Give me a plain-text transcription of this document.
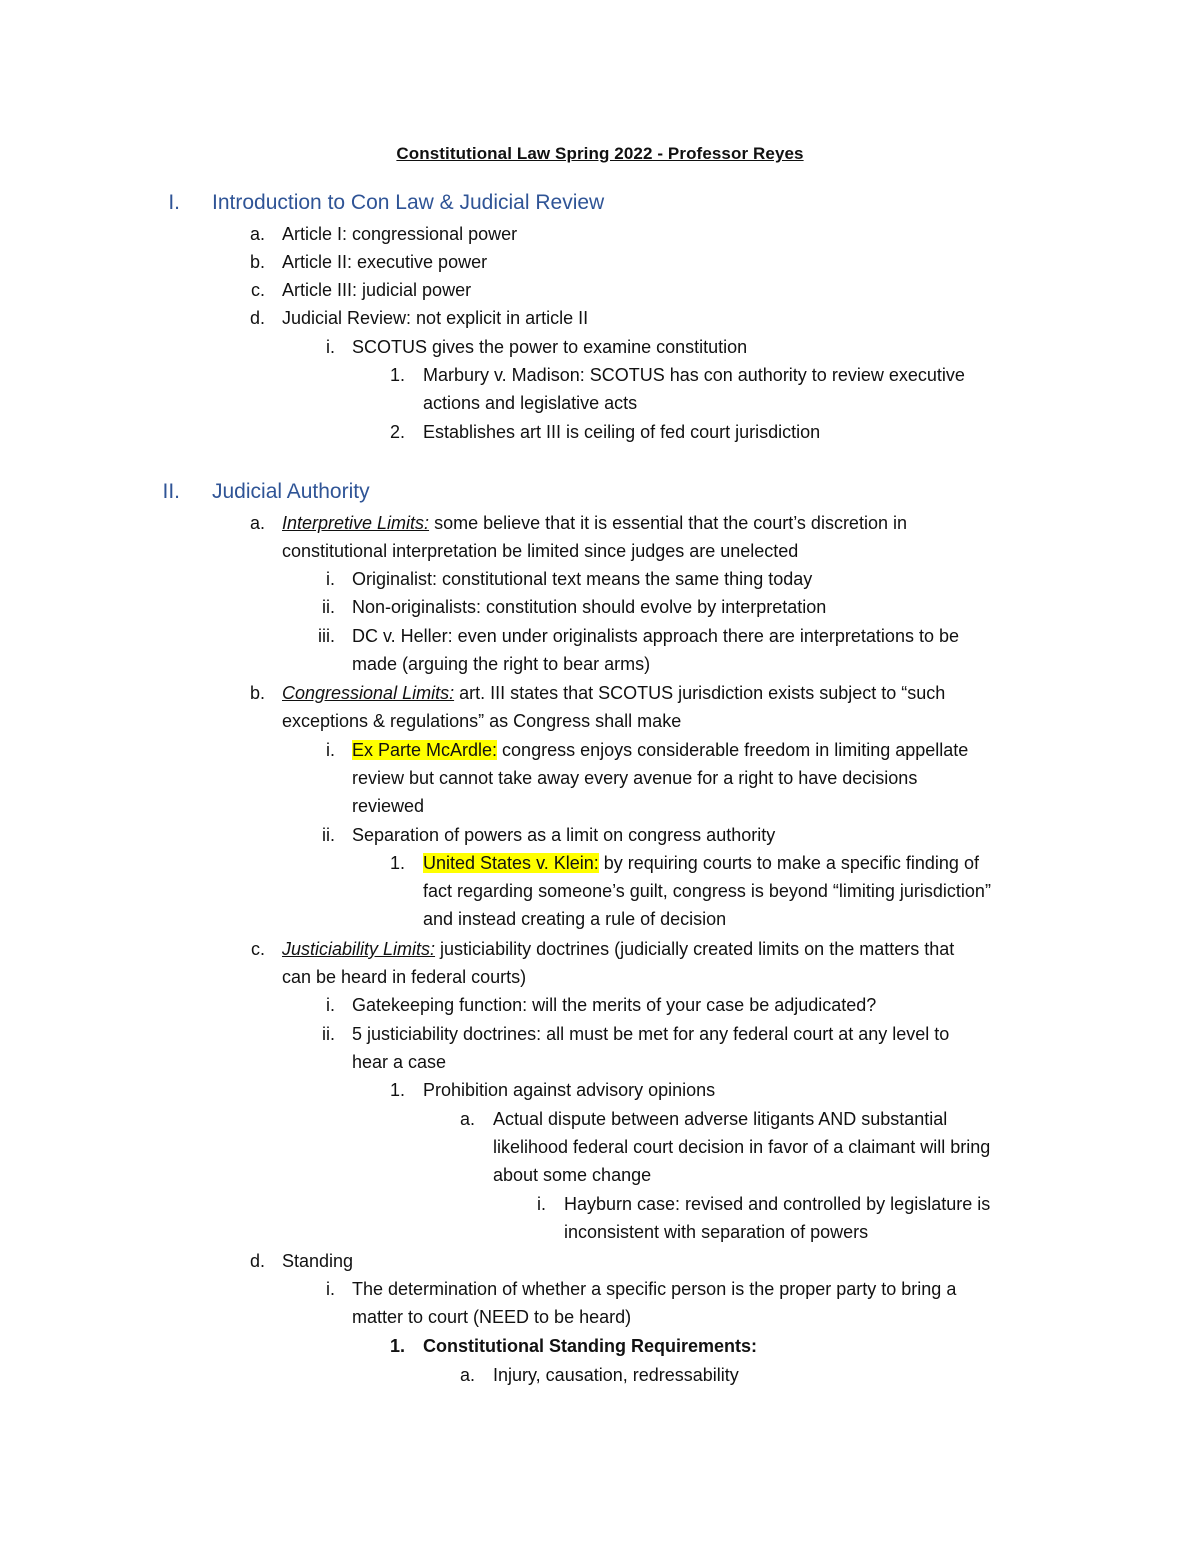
Constitutional Law Spring 2022 - Professor Reyes
I. Introduction to Con Law & Judicial Review
a. Article I: congressional power
b. Article II: executive power
c. Article III: judicial power
d. Judicial Review: not explicit in article II
i. SCOTUS gives the power to examine constitution
1. Marbury v. Madison: SCOTUS has con authority to review executive
actions and legislative acts
2. Establishes art III is ceiling of fed court jurisdiction
II. Judicial Authority
a. Interpretive Limits: some believe that it is essential that the court’s discretion in
constitutional interpretation be limited since judges are unelected
i. Originalist: constitutional text means the same thing today
ii. Non-originalists: constitution should evolve by interpretation
iii. DC v. Heller: even under originalists approach there are interpretations to be
made (arguing the right to bear arms)
b. Congressional Limits: art. III states that SCOTUS jurisdiction exists subject to “such
exceptions & regulations” as Congress shall make
i. Ex Parte McArdle: congress enjoys considerable freedom in limiting appellate
review but cannot take away every avenue for a right to have decisions
reviewed
ii. Separation of powers as a limit on congress authority
1. United States v. Klein: by requiring courts to make a specific finding of
fact regarding someone’s guilt, congress is beyond “limiting jurisdiction”
and instead creating a rule of decision
c. Justiciability Limits: justiciability doctrines (judicially created limits on the matters that
can be heard in federal courts)
i. Gatekeeping function: will the merits of your case be adjudicated?
ii. 5 justiciability doctrines: all must be met for any federal court at any level to
hear a case
1. Prohibition against advisory opinions
a. Actual dispute between adverse litigants AND substantial
likelihood federal court decision in favor of a claimant will bring
about some change
i. Hayburn case: revised and controlled by legislature is
inconsistent with separation of powers
d. Standing
i. The determination of whether a specific person is the proper party to bring a
matter to court (NEED to be heard)
1. Constitutional Standing Requirements:
a. Injury, causation, redressability
